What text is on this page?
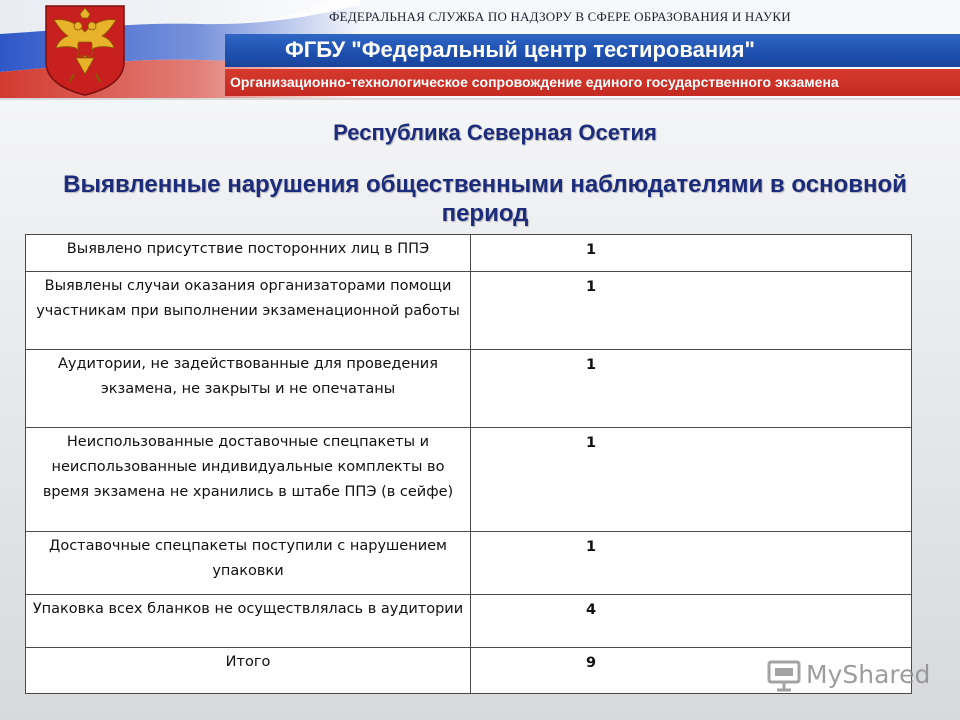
ФЕДЕРАЛЬНАЯ СЛУЖБА ПО НАДЗОРУ В СФЕРЕ ОБРАЗОВАНИЯ И НАУКИ
ФГБУ "Федеральный центр тестирования"
Организационно-технологическое сопровождение единого государственного экзамена
Республика Северная Осетия
Выявленные нарушения общественными наблюдателями в основной период
Выявлено присутствие посторонних лиц в ППЭ	1
Выявлены случаи оказания организаторами помощи участникам при выполнении экзаменационной работы	1
Аудитории, не задействованные для проведения экзамена, не закрыты и не опечатаны	1
Неиспользованные доставочные спецпакеты и неиспользованные индивидуальные комплекты во время экзамена не хранились в штабе ППЭ (в сейфе)	1
Доставочные спецпакеты поступили с нарушением упаковки	1
Упаковка всех бланков не осуществлялась в аудитории	4
Итого	9	MyShared
